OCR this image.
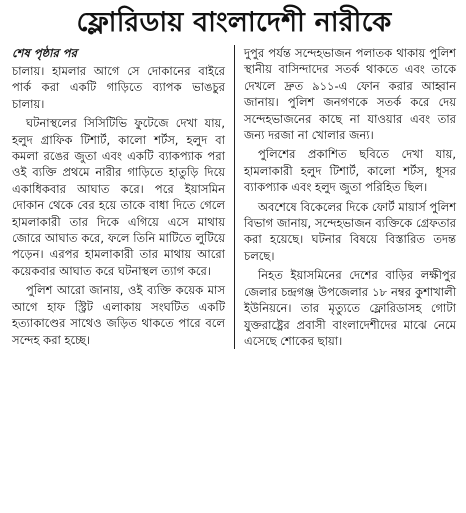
ফ্লোরিডায় বাংলাদেশী নারীকে
শেষ পৃষ্ঠার পর

চালায়। হামলার আগে সে দোকানের বাইরে পার্ক করা একটি গাড়িতে ব্যাপক ভাঙচুর চালায়।

ঘটনাস্থলের সিসিটিভি ফুটেজে দেখা যায়, হলুদ গ্রাফিক টিশার্ট, কালো শর্টস, হলুদ বা কমলা রঙের জুতা এবং একটি ব্যাকপ্যাক পরা ওই ব্যক্তি প্রথমে নারীর গাড়িতে হাতুড়ি দিয়ে একাধিকবার আঘাত করে। পরে ইয়াসমিন দোকান থেকে বের হয়ে তাকে বাধা দিতে গেলে হামলাকারী তার দিকে এগিয়ে এসে মাথায় জোরে আঘাত করে, ফলে তিনি মাটিতে লুটিয়ে পড়েন। এরপর হামলাকারী তার মাথায় আরো কয়েকবার আঘাত করে ঘটনাস্থল ত্যাগ করে।

পুলিশ আরো জানায়, ওই ব্যক্তি কয়েক মাস আগে হাফ স্ট্রিট এলাকায় সংঘটিত একটি হত্যাকাণ্ডের সাথেও জড়িত থাকতে পারে বলে সন্দেহ করা হচ্ছে।

দুপুর পর্যন্ত সন্দেহভাজন পলাতক থাকায় পুলিশ স্থানীয় বাসিন্দাদের সতর্ক থাকতে এবং তাকে দেখলে দ্রুত ৯১১-এ ফোন করার আহ্বান জানায়। পুলিশ জনগণকে সতর্ক করে দেয় সন্দেহভাজনের কাছে না যাওয়ার এবং তার জন্য দরজা না খোলার জন্য।

পুলিশের প্রকাশিত ছবিতে দেখা যায়, হামলাকারী হলুদ টিশার্ট, কালো শর্টস, ধূসর ব্যাকপ্যাক এবং হলুদ জুতা পরিহিত ছিল।

অবশেষে বিকেলের দিকে ফোর্ট মায়ার্স পুলিশ বিভাগ জানায়, সন্দেহভাজন ব্যক্তিকে গ্রেফতার করা হয়েছে। ঘটনার বিষয়ে বিস্তারিত তদন্ত চলছে।

নিহত ইয়াসমিনের দেশের বাড়ির লক্ষীপুর জেলার চন্দ্রগঞ্জ উপজেলার ১৮ নম্বর কুশাখালী ইউনিয়নে। তার মৃত্যুতে ফ্লোরিডাসহ গোটা যুক্তরাষ্ট্রের প্রবাসী বাংলাদেশীদের মাঝে নেমে এসেছে শোকের ছায়া।
